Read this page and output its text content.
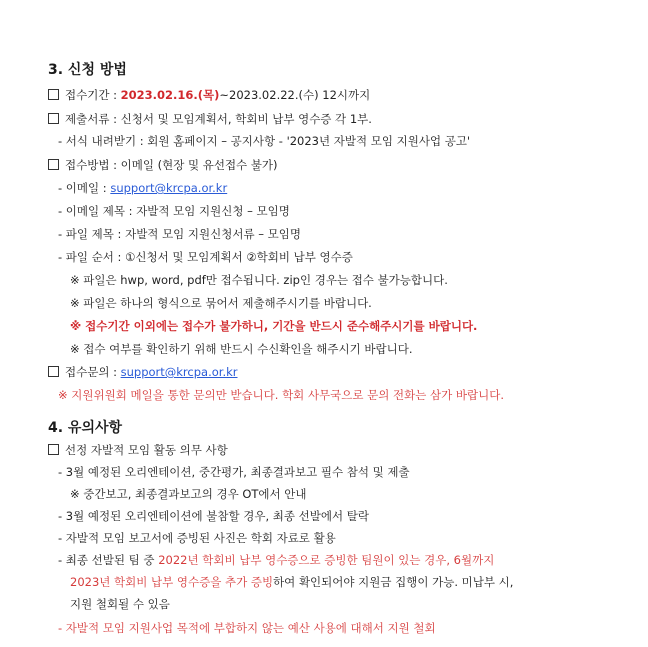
3. 신청 방법
접수기간 : 2023.02.16.(목)~2023.02.22.(수) 12시까지
제출서류 : 신청서 및 모임계획서, 학회비 납부 영수증 각 1부.
- 서식 내려받기 : 회원 홈페이지 – 공지사항 - '2023년 자발적 모임 지원사업 공고'
접수방법 : 이메일 (현장 및 유선접수 불가)
- 이메일 : support@krcpa.or.kr
- 이메일 제목 : 자발적 모임 지원신청 – 모임명
- 파일 제목 : 자발적 모임 지원신청서류 – 모임명
- 파일 순서 : ①신청서 및 모임계획서 ②학회비 납부 영수증
※ 파일은 hwp, word, pdf만 접수됩니다. zip인 경우는 접수 불가능합니다.
※ 파일은 하나의 형식으로 묶어서 제출해주시기를 바랍니다.
※ 접수기간 이외에는 접수가 불가하니, 기간을 반드시 준수해주시기를 바랍니다.
※ 접수 여부를 확인하기 위해 반드시 수신확인을 해주시기 바랍니다.
접수문의 : support@krcpa.or.kr
※ 지원위원회 메일을 통한 문의만 받습니다. 학회 사무국으로 문의 전화는 삼가 바랍니다.
4. 유의사항
선정 자발적 모임 활동 의무 사항
- 3월 예정된 오리엔테이션, 중간평가, 최종결과보고 필수 참석 및 제출
※ 중간보고, 최종결과보고의 경우 OT에서 안내
- 3월 예정된 오리엔테이션에 불참할 경우, 최종 선발에서 탈락
- 자발적 모임 보고서에 증빙된 사진은 학회 자료로 활용
- 최종 선발된 팀 중 2022년 학회비 납부 영수증으로 증빙한 팀원이 있는 경우, 6월까지
2023년 학회비 납부 영수증을 추가 증빙하여 확인되어야 지원금 집행이 가능. 미납부 시,
지원 철회될 수 있음
- 자발적 모임 지원사업 목적에 부합하지 않는 예산 사용에 대해서 지원 철회
